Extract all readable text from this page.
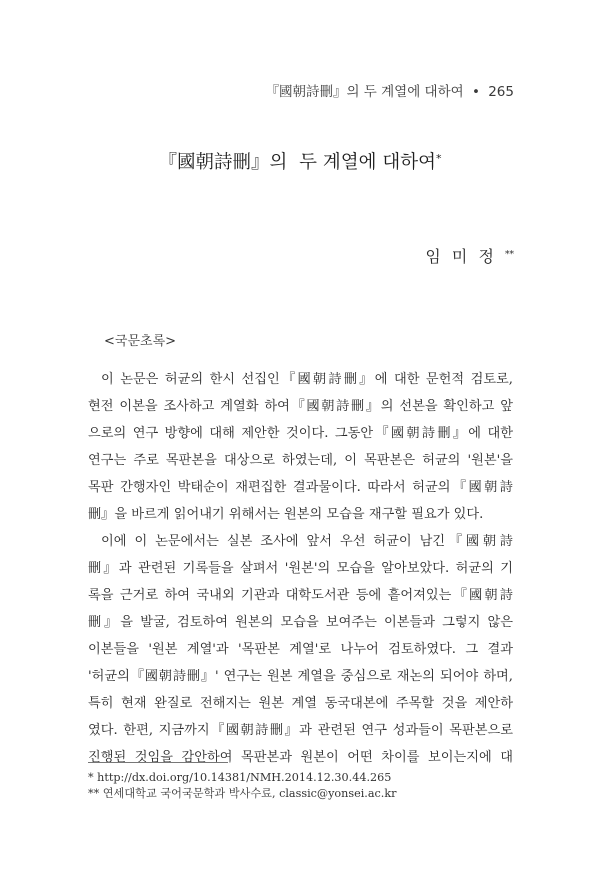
『國朝詩刪』의 두 계열에 대하여 • 265
『國朝詩刪』의  두 계열에 대하여*
임 미 정 **
<국문초록>
이 논문은 허균의 한시 선집인『國朝詩刪』에 대한 문헌적 검토로,
현전 이본을 조사하고 계열화 하여『國朝詩刪』의 선본을 확인하고 앞
으로의 연구 방향에 대해 제안한 것이다. 그동안『國朝詩刪』에 대한
연구는 주로 목판본을 대상으로 하였는데, 이 목판본은 허균의 '원본'을
목판 간행자인 박태순이 재편집한 결과물이다. 따라서 허균의『國朝詩
刪』을 바르게 읽어내기 위해서는 원본의 모습을 재구할 필요가 있다.
이에 이 논문에서는 실본 조사에 앞서 우선 허균이 남긴『國朝詩
刪』과 관련된 기록들을 살펴서 '원본'의 모습을 알아보았다. 허균의 기
록을 근거로 하여 국내외 기관과 대학도서관 등에 흩어져있는『國朝詩
刪』을 발굴, 검토하여 원본의 모습을 보여주는 이본들과 그렇지 않은
이본들을 '원본 계열'과 '목판본 계열'로 나누어 검토하였다. 그 결과
'허균의『國朝詩刪』' 연구는 원본 계열을 중심으로 재논의 되어야 하며,
특히 현재 완질로 전해지는 원본 계열 동국대본에 주목할 것을 제안하
였다. 한편, 지금까지『國朝詩刪』과 관련된 연구 성과들이 목판본으로
진행된 것임을 감안하여 목판본과 원본이 어떤 차이를 보이는지에 대
* http://dx.doi.org/10.14381/NMH.2014.12.30.44.265
** 연세대학교 국어국문학과 박사수료, classic@yonsei.ac.kr
